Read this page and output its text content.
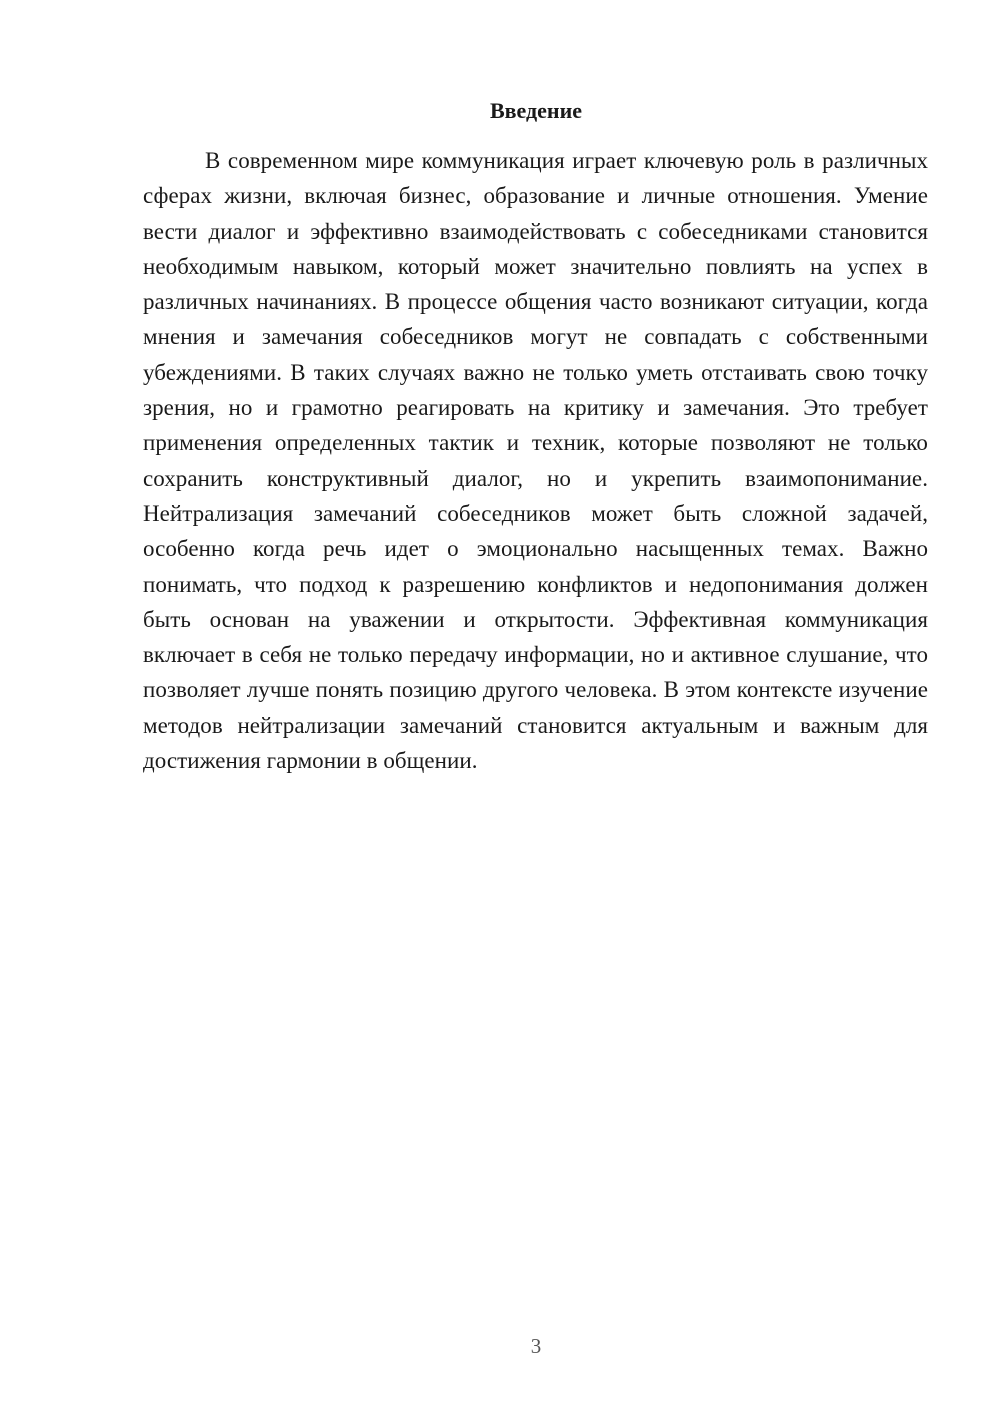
Введение

В современном мире коммуникация играет ключевую роль в различных сферах жизни, включая бизнес, образование и личные отношения. Умение вести диалог и эффективно взаимодействовать с собеседниками становится необходимым навыком, который может значительно повлиять на успех в различных начинаниях. В процессе общения часто возникают ситуации, когда мнения и замечания собеседников могут не совпадать с собственными убеждениями. В таких случаях важно не только уметь отстаивать свою точку зрения, но и грамотно реагировать на критику и замечания. Это требует применения определенных тактик и техник, которые позволяют не только сохранить конструктивный диалог, но и укрепить взаимопонимание. Нейтрализация замечаний собеседников может быть сложной задачей, особенно когда речь идет о эмоционально насыщенных темах. Важно понимать, что подход к разрешению конфликтов и недопонимания должен быть основан на уважении и открытости. Эффективная коммуникация включает в себя не только передачу информации, но и активное слушание, что позволяет лучше понять позицию другого человека. В этом контексте изучение методов нейтрализации замечаний становится актуальным и важным для достижения гармонии в общении.

3
